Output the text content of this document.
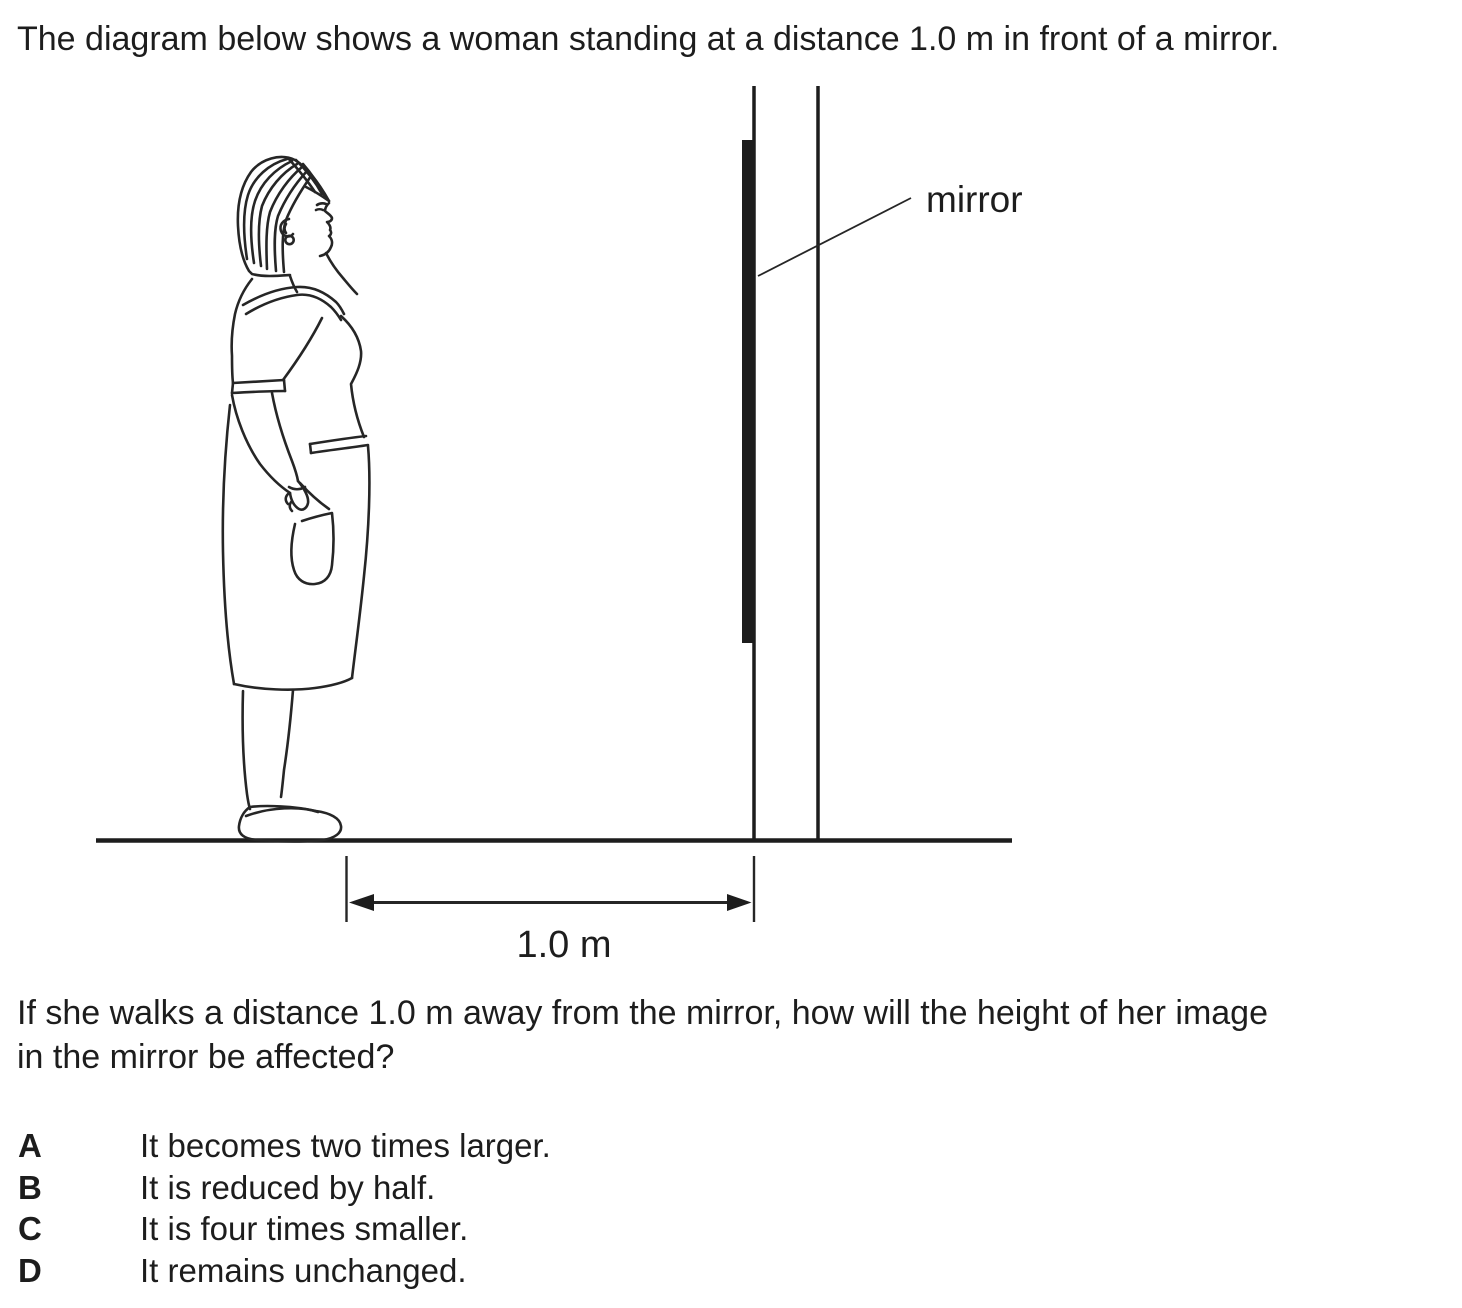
The diagram below shows a woman standing at a distance 1.0 m in front of a mirror.
mirror
1.0 m
If she walks a distance 1.0 m away from the mirror, how will the height of her image
in the mirror be affected?
A	It becomes two times larger.
B	It is reduced by half.
C	It is four times smaller.
D	It remains unchanged.
